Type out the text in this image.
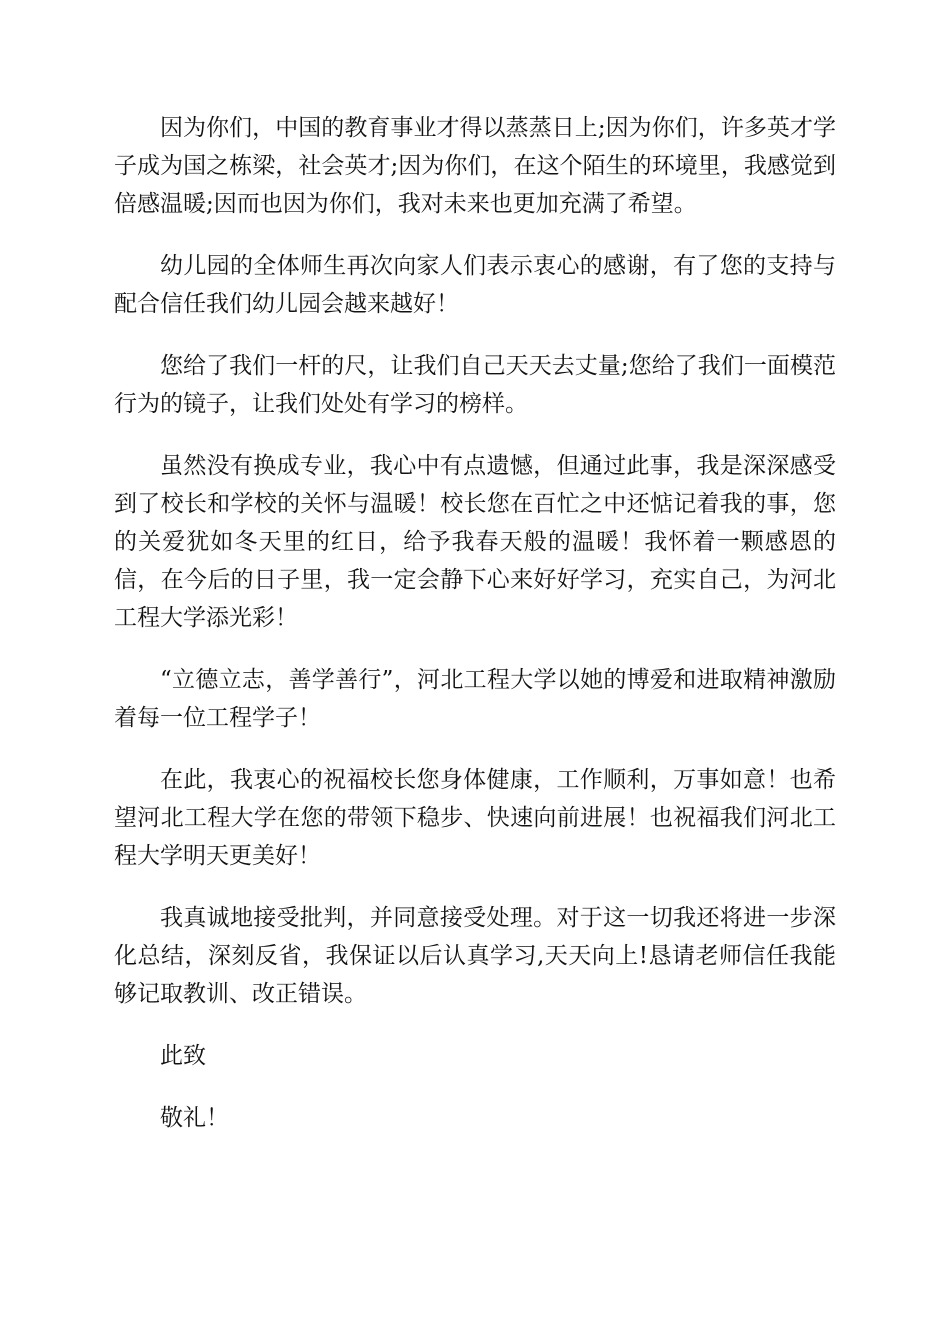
因为你们，中国的教育事业才得以蒸蒸日上;因为你们，许多英才学子成为国之栋梁，社会英才;因为你们，在这个陌生的环境里，我感觉到倍感温暖;因而也因为你们，我对未来也更加充满了希望。

幼儿园的全体师生再次向家人们表示衷心的感谢，有了您的支持与配合信任我们幼儿园会越来越好！

您给了我们一杆的尺，让我们自己天天去丈量;您给了我们一面模范行为的镜子，让我们处处有学习的榜样。

虽然没有换成专业，我心中有点遗憾，但通过此事，我是深深感受到了校长和学校的关怀与温暖！校长您在百忙之中还惦记着我的事，您的关爱犹如冬天里的红日，给予我春天般的温暖！我怀着一颗感恩的信，在今后的日子里，我一定会静下心来好好学习，充实自己，为河北工程大学添光彩！

“立德立志，善学善行”，河北工程大学以她的博爱和进取精神激励着每一位工程学子！

在此，我衷心的祝福校长您身体健康，工作顺利，万事如意！也希望河北工程大学在您的带领下稳步、快速向前进展！也祝福我们河北工程大学明天更美好！

我真诚地接受批判，并同意接受处理。对于这一切我还将进一步深化总结，深刻反省，我保证以后认真学习,天天向上!恳请老师信任我能够记取教训、改正错误。

此致

敬礼！
